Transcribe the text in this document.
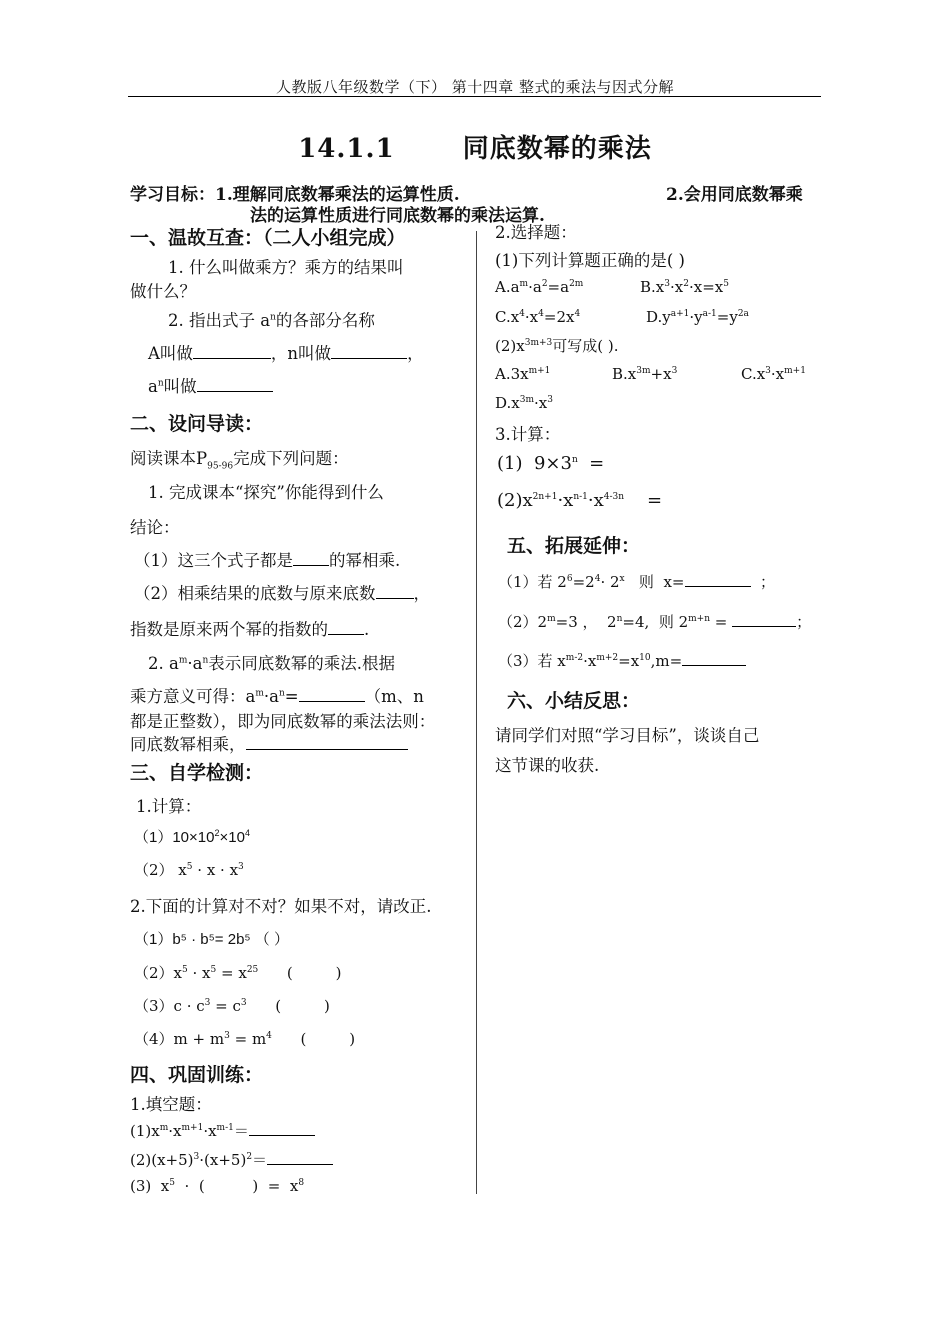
人教版八年级数学（下） 第十四章 整式的乘法与因式分解
14.1.1	同底数幂的乘法
学习目标：1.理解同底数幂乘法的运算性质.	2.会用同底数幂乘
法的运算性质进行同底数幂的乘法运算.
一、温故互查：（二人小组完成）
1. 什么叫做乘方？乘方的结果叫
做什么？
2. 指出式子 $a^n$的各部分名称
A叫做	，n叫做	，
$a^n$叫做
二、设问导读：
阅读课本$P_{95-96}$完成下列问题：
1. 完成课本“探究”你能得到什么
结论：
（1）这三个式子都是 的幂相乘.
（2）相乘结果的底数与原来底数 ，
指数是原来两个幂的指数的 .
2. $a^m\cdot a^n$表示同底数幂的乘法.根据
乘方意义可得：$a^m\cdot a^n=$	（m、n
都是正整数），即为同底数幂的乘法法则：
同底数幂相乘，
三、自学检测：
1.计算：
$(1)10\times 10^2\times 10^4$
（2） $x^5 \cdot x \cdot x^3$
2.下面的计算对不对？如果不对，请改正.
（1）b⁵ · b⁵= 2b⁵ （ ）
$(2)x^5 \cdot x^5 = x^{25}$      (         )
$(3)c \cdot c^3 = c^3$      (         )
$(4)m + m^3 = m^4$      (         )
四、巩固训练：
1.填空题：
$(1)x^m\cdot x^{m+1}\cdot x^{m-1}=$
$(2)(x+5)^3\cdot(x+5)^2=$
(3)  $x^5$  ·  (          )  =  $x^8$
2.选择题：
(1)下列计算题正确的是( )
$A.a^m\cdot a^2=a^{2m}$	$B.x^3\cdot x^2\cdot x=x^5$
$C.x^4\cdot x^4=2x^4$	$D.y^{a+1}\cdot y^{a-1}=y^{2a}$
$(2)x^{3m+3}$可写成( ).
$A.3x^{m+1}$	$B.x^{3m}+x^3$	$C.x^3\cdot x^{m+1}$
$D.x^{3m}\cdot x^3$
3.计算：
(1)  $9\times 3^n$  =
$(2)x^{2n+1}\cdot x^{n-1}\cdot x^{4-3n}$    =
五、拓展延伸：
（1）若 $2^6=2^4\cdot 2^x$   则  x=	；
$(2)2^m=3$ ，  $2^n=4$,  则 $2^{m+n}$ =	；
（3）若 $x^{m-2}\cdot x^{m+2}=x^{10},m=$
六、小结反思：
请同学们对照“学习目标”，谈谈自己
这节课的收获.
